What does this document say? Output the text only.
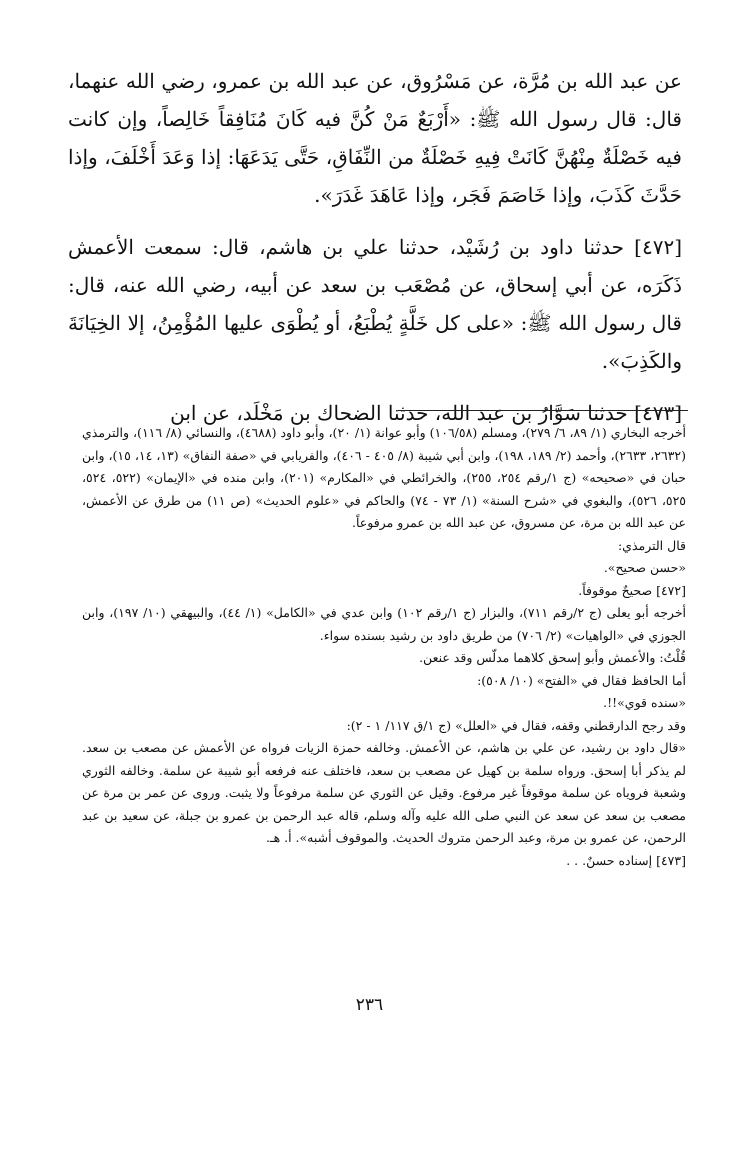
عن عبد الله بن مُرَّة، عن مَسْرُوق، عن عبد الله بن عمرو، رضي الله عنهما، قال: قال رسول الله ﷺ: «أَرْبَعٌ مَنْ كُنَّ فيه كَانَ مُنَافِقاً خَالِصاً، وإن كانت فيه خَصْلَةٌ مِنْهُنَّ كَانَتْ فِيهِ خَصْلَةٌ من النِّفَاقِ، حَتَّى يَدَعَهَا: إذا وَعَدَ أَخْلَفَ، وإذا حَدَّثَ كَذَبَ، وإذا خَاصَمَ فَجَر، وإذا عَاهَدَ غَدَرَ».

[٤٧٢] حدثنا داود بن رُشَيْد، حدثنا علي بن هاشم، قال: سمعت الأعمش ذَكَرَه، عن أبي إسحاق، عن مُصْعَب بن سعد عن أبيه، رضي الله عنه، قال: قال رسول الله ﷺ: «على كل خَلَّةٍ يُطْبَعُ، أو يُطْوَى عليها المُؤْمِنُ، إلا الخِيَانَةَ والكَذِبَ».

[٤٧٣] حدثنا سَوَّارُ بن عبد الله، حدثنا الضحاك بن مَخْلَد، عن ابن

أخرجه البخاري (١/ ٨٩، ٦/ ٢٧٩)، ومسلم (١٠٦/٥٨) وأبو عوانة (١/ ٢٠)، وأبو داود (٤٦٨٨)، والنسائي (٨/ ١١٦)، والترمذي (٢٦٣٢، ٢٦٣٣)، وأحمد (٢/ ١٨٩، ١٩٨)، وابن أبي شيبة (٨/ ٤٠٥ - ٤٠٦)، والفريابي في «صفة النفاق» (١٣، ١٤، ١٥)، وابن حبان في «صحيحه» (ج ١/رقم ٢٥٤، ٢٥٥)، والخرائطي في «المكارم» (٢٠١)، وابن منده في «الإيمان» (٥٢٢، ٥٢٤، ٥٢٥، ٥٢٦)، والبغوي في «شرح السنة» (١/ ٧٣ - ٧٤) والحاكم في «علوم الحديث» (ص ١١) من طرق عن الأعمش، عن عبد الله بن مرة، عن مسروق، عن عبد الله بن عمرو مرفوعاً.

قال الترمذي:

«حسن صحيح».

[٤٧٢] صحيحٌ موقوفاً.

أخرجه أبو يعلى (ج ٢/رقم ٧١١)، والبزار (ج ١/رقم ١٠٢) وابن عدي في «الكامل» (١/ ٤٤)، والبيهقي (١٠/ ١٩٧)، وابن الجوزي في «الواهيات» (٢/ ٧٠٦) من طريق داود بن رشيد بسنده سواء.

قُلْتُ: والأعمش وأبو إسحق كلاهما مدلّس وقد عنعن.

أما الحافظ فقال في «الفتح» (١٠/ ٥٠٨):

«سنده قوي»!!.

وقد رجح الدارقطني وقفه، فقال في «العلل» (ج ١/ق ١١٧/ ١ - ٢):

«قال داود بن رشيد، عن علي بن هاشم، عن الأعمش. وخالفه حمزة الزيات فرواه عن الأعمش عن مصعب بن سعد. لم يذكر أبا إسحق. ورواه سلمة بن كهيل عن مصعب بن سعد، فاختلف عنه فرفعه أبو شيبة عن سلمة. وخالفه الثوري وشعبة فروياه عن سلمة موقوفاً غير مرفوع. وقيل عن الثوري عن سلمة مرفوعاً ولا يثبت. وروى عن عمر بن مرة عن مصعب بن سعد عن سعد عن النبي صلى الله عليه وآله وسلم، قاله عبد الرحمن بن عمرو بن جبلة، عن سعيد بن عبد الرحمن، عن عمرو بن مرة، وعبد الرحمن متروك الحديث. والموقوف أشبه». أ. هـ.

[٤٧٣] إسناده حسنٌ. . .

٢٣٦
